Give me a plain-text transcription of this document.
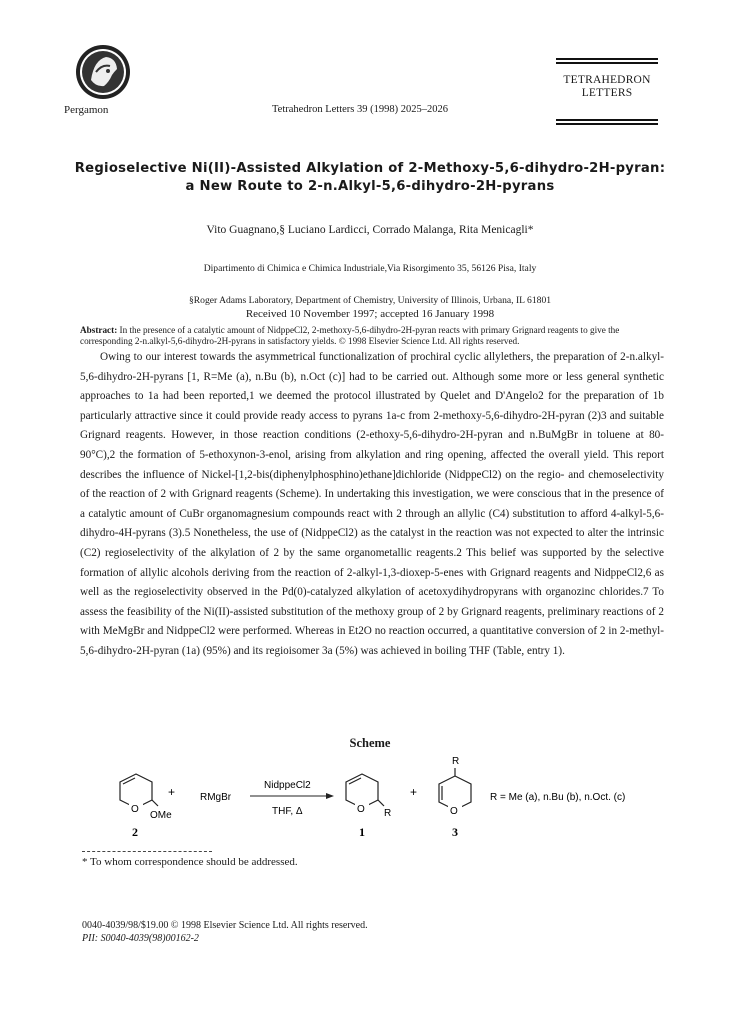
Pergamon	Tetrahedron Letters 39 (1998) 2025–2026
TETRAHEDRON
LETTERS
Regioselective Ni(II)-Assisted Alkylation of 2-Methoxy-5,6-dihydro-2H-pyran:
a New Route to 2-n.Alkyl-5,6-dihydro-2H-pyrans
Vito Guagnano,§ Luciano Lardicci, Corrado Malanga, Rita Menicagli*
Dipartimento di Chimica e Chimica Industriale,Via Risorgimento 35, 56126 Pisa, Italy
§Roger Adams Laboratory, Department of Chemistry, University of Illinois, Urbana, IL 61801
Received 10 November 1997; accepted 16 January 1998
Abstract: In the presence of a catalytic amount of NidppeCl2, 2-methoxy-5,6-dihydro-2H-pyran reacts with primary Grignard reagents to give the corresponding 2-n.alkyl-5,6-dihydro-2H-pyrans in satisfactory yields. © 1998 Elsevier Science Ltd. All rights reserved.
Owing to our interest towards the asymmetrical functionalization of prochiral cyclic allylethers, the preparation of 2-n.alkyl-5,6-dihydro-2H-pyrans [1, R=Me (a), n.Bu (b), n.Oct (c)] had to be carried out. Although some more or less general synthetic approaches to 1a had been reported,1 we deemed the protocol illustrated by Quelet and D'Angelo2 for the preparation of 1b particularly attractive since it could provide ready access to pyrans 1a-c from 2-methoxy-5,6-dihydro-2H-pyran (2)3 and suitable Grignard reagents. However, in those reaction conditions (2-ethoxy-5,6-dihydro-2H-pyran and n.BuMgBr in toluene at 80-90°C),2 the formation of 5-ethoxynon-3-enol, arising from alkylation and ring opening, affected the overall yield. This report describes the influence of Nickel-[1,2-bis(diphenylphosphino)ethane]dichloride (NidppeCl2) on the regio- and chemoselectivity of the reaction of 2 with Grignard reagents (Scheme). In undertaking this investigation, we were conscious that in the presence of a catalytic amount of CuBr organomagnesium compounds react with 2 through an allylic (C4) substitution to afford 4-alkyl-5,6-dihydro-4H-pyrans (3).5 Nonetheless, the use of (NidppeCl2) as the catalyst in the reaction was not expected to alter the intrinsic (C2) regioselectivity of the alkylation of 2 by the same organometallic reagents.2 This belief was supported by the selective formation of allylic alcohols deriving from the reaction of 2-alkyl-1,3-dioxep-5-enes with Grignard reagents and NidppeCl2,6 as well as the regioselectivity observed in the Pd(0)-catalyzed alkylation of acetoxydihydropyrans with organozinc chlorides.7 To assess the feasibility of the Ni(II)-assisted substitution of the methoxy group of 2 by Grignard reagents, preliminary reactions of 2 with MeMgBr and NidppeCl2 were performed. Whereas in Et2O no reaction occurred, a quantitative conversion of 2 in 2-methyl-5,6-dihydro-2H-pyran (1a) (95%) and its regioisomer 3a (5%) was achieved in boiling THF (Table, entry 1).
Scheme
O
OMe
+ RMgBr
NidppeCl2
THF, Δ	O R
+
R
O
R = Me (a), n.Bu (b), n.Oct. (c)
2	1	3
* To whom correspondence should be addressed.
0040-4039/98/$19.00 © 1998 Elsevier Science Ltd. All rights reserved.
PII: S0040-4039(98)00162-2
